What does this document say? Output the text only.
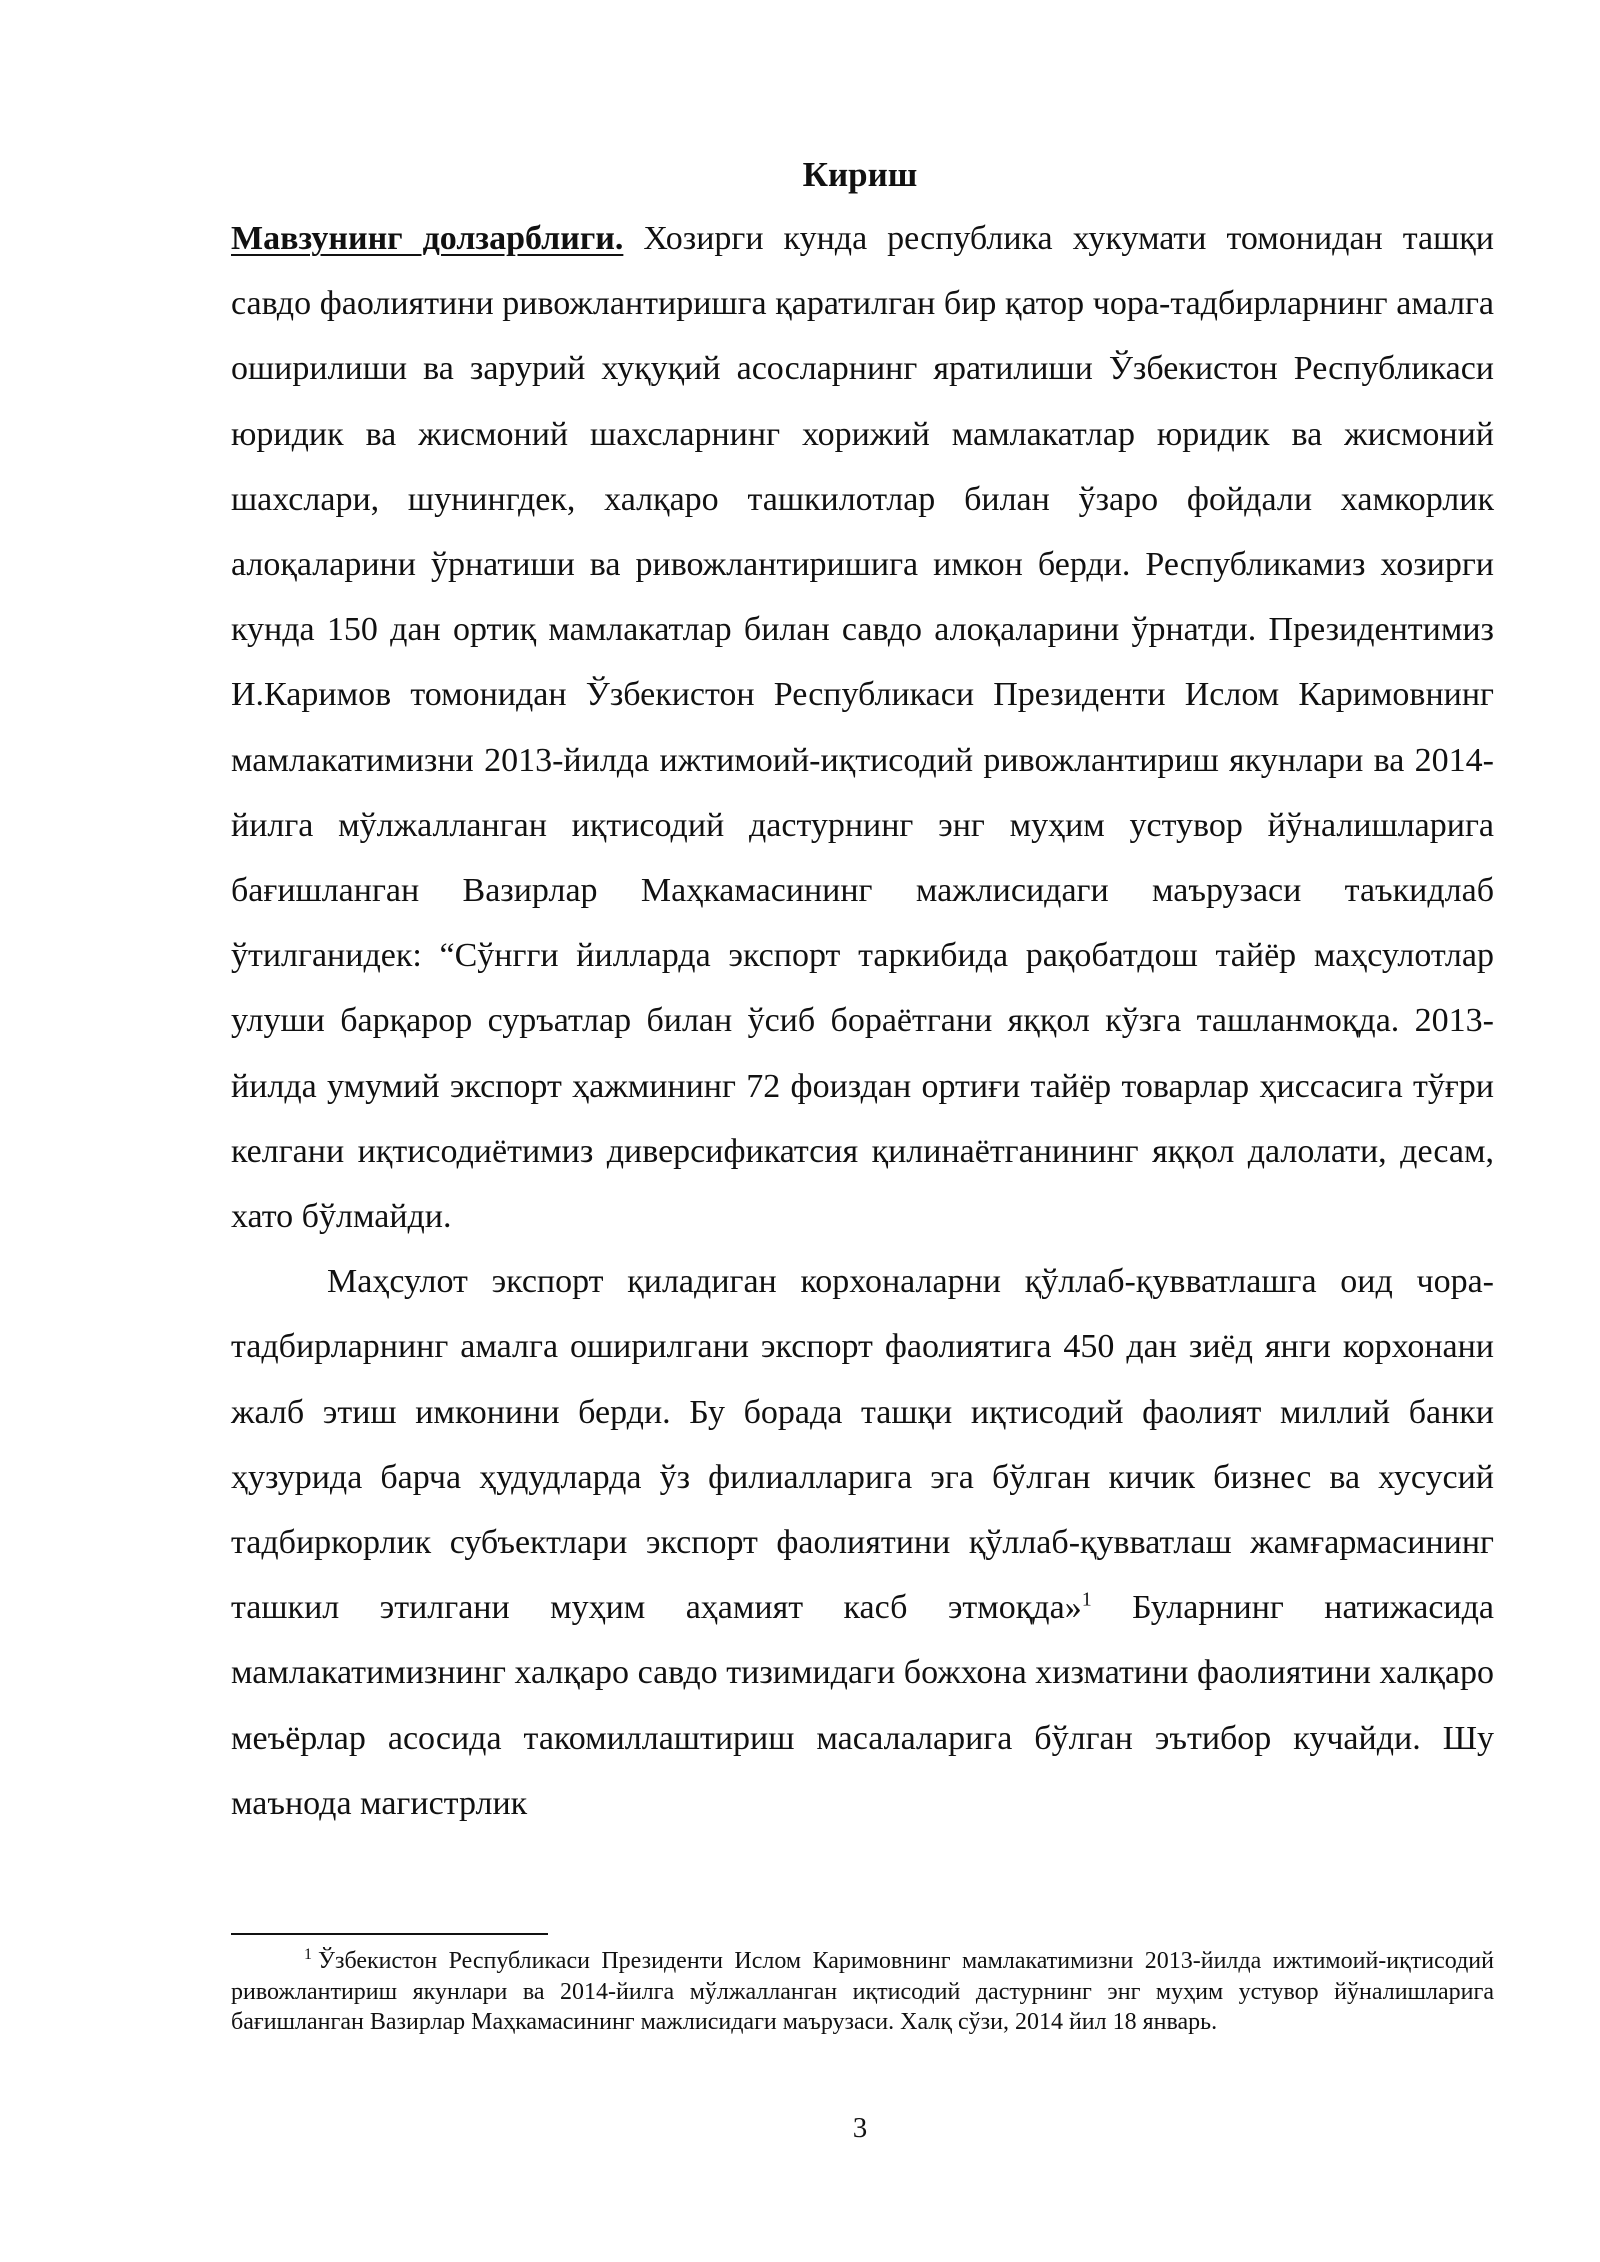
Кириш

Мавзунинг долзарблиги. Хозирги кунда республика хукумати томонидан ташқи савдо фаолиятини ривожлантиришга қаратилган бир қатор чора-тадбирларнинг амалга оширилиши ва зарурий хуқуқий асосларнинг яратилиши Ўзбекистон Республикаси юридик ва жисмоний шахсларнинг хорижий мамлакатлар юридик ва жисмоний шахслари, шунингдек, халқаро ташкилотлар билан ўзаро фойдали хамкорлик алоқаларини ўрнатиши ва ривожлантиришига имкон берди. Республикамиз хозирги кунда 150 дан ортиқ мамлакатлар билан савдо алоқаларини ўрнатди. Президентимиз И.Каримов томонидан Ўзбекистон Республикаси Президенти Ислом Каримовнинг мамлакатимизни 2013-йилда ижтимоий-иқтисодий ривожлантириш якунлари ва 2014-йилга мўлжалланган иқтисодий дастурнинг энг муҳим устувор йўналишларига бағишланган Вазирлар Маҳкамасининг мажлисидаги маърузаси таъкидлаб ўтилганидек: “Сўнгги йилларда экспорт таркибида рақобатдош тайёр маҳсулотлар улуши барқарор суръатлар билан ўсиб бораётгани яққол кўзга ташланмоқда. 2013-йилда умумий экспорт ҳажмининг 72 фоиздан ортиғи тайёр товарлар ҳиссасига тўғри келгани иқтисодиётимиз диверсификатсия қилинаётганининг яққол далолати, десам, хато бўлмайди.

Маҳсулот экспорт қиладиган корхоналарни қўллаб-қувватлашга оид чора-тадбирларнинг амалга оширилгани экспорт фаолиятига 450 дан зиёд янги корхонани жалб этиш имконини берди. Бу борада ташқи иқтисодий фаолият миллий банки ҳузурида барча ҳудудларда ўз филиалларига эга бўлган кичик бизнес ва хусусий тадбиркорлик субъектлари экспорт фаолиятини қўллаб-қувватлаш жамғармасининг ташкил этилгани муҳим аҳамият касб этмоқда»$^1$ Буларнинг натижасида мамлакатимизнинг халқаро савдо тизимидаги божхона хизматини фаолиятини халқаро меъёрлар асосида такомиллаштириш масалаларига бўлган эътибор кучайди. Шу маънода магистрлик

$^1$ Ўзбекистон Республикаси Президенти Ислом Каримовнинг мамлакатимизни 2013-йилда ижтимоий-иқтисодий ривожлантириш якунлари ва 2014-йилга мўлжалланган иқтисодий дастурнинг энг муҳим устувор йўналишларига бағишланган Вазирлар Маҳкамасининг мажлисидаги маърузаси. Халқ сўзи, 2014 йил 18 январь.

3
